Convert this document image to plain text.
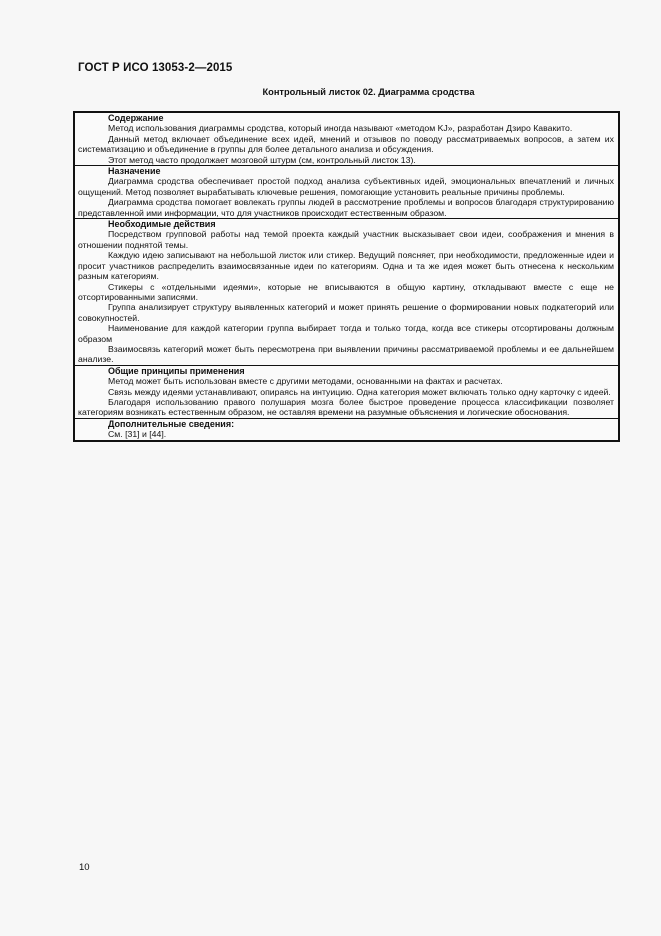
ГОСТ Р ИСО 13053-2—2015
Контрольный листок 02. Диаграмма сродства
Содержание

Метод использования диаграммы сродства, который иногда называют «методом KJ», разработан Дзиро Кавакито.

Данный метод включает объединение всех идей, мнений и отзывов по поводу рассматриваемых вопросов, а затем их систематизацию и объединение в группы для более детального анализа и обсуждения.

Этот метод часто продолжает мозговой штурм (см, контрольный листок 13).

Назначение

Диаграмма сродства обеспечивает простой подход анализа субъективных идей, эмоциональных впечатлений и личных ощущений. Метод позволяет вырабатывать ключевые решения, помогающие установить реальные причины проблемы.

Диаграмма сродства помогает вовлекать группы людей в рассмотрение проблемы и вопросов благодаря структурированию представленной ими информации, что для участников происходит естественным образом.

Необходимые действия

Посредством групповой работы над темой проекта каждый участник высказывает свои идеи, соображения и мнения в отношении поднятой темы.

Каждую идею записывают на небольшой листок или стикер. Ведущий поясняет, при необходимости, предложенные идеи и просит участников распределить взаимосвязанные идеи по категориям. Одна и та же идея может быть отнесена к нескольким разным категориям.

Стикеры с «отдельными идеями», которые не вписываются в общую картину, откладывают вместе с еще не отсортированными записями.

Группа анализирует структуру выявленных категорий и может принять решение о формировании новых подкатегорий или совокупностей.

Наименование для каждой категории группа выбирает тогда и только тогда, когда все стикеры отсортированы должным образом

Взаимосвязь категорий может быть пересмотрена при выявлении причины рассматриваемой проблемы и ее дальнейшем анализе.

Общие принципы применения

Метод может быть использован вместе с другими методами, основанными на фактах и расчетах.

Связь между идеями устанавливают, опираясь на интуицию. Одна категория может включать только одну карточку с идеей.

Благодаря использованию правого полушария мозга более быстрое проведение процесса классификации позволяет категориям возникать естественным образом, не оставляя времени на разумные объяснения и логические обоснования.

Дополнительные сведения:

См. [31] и [44].

10
